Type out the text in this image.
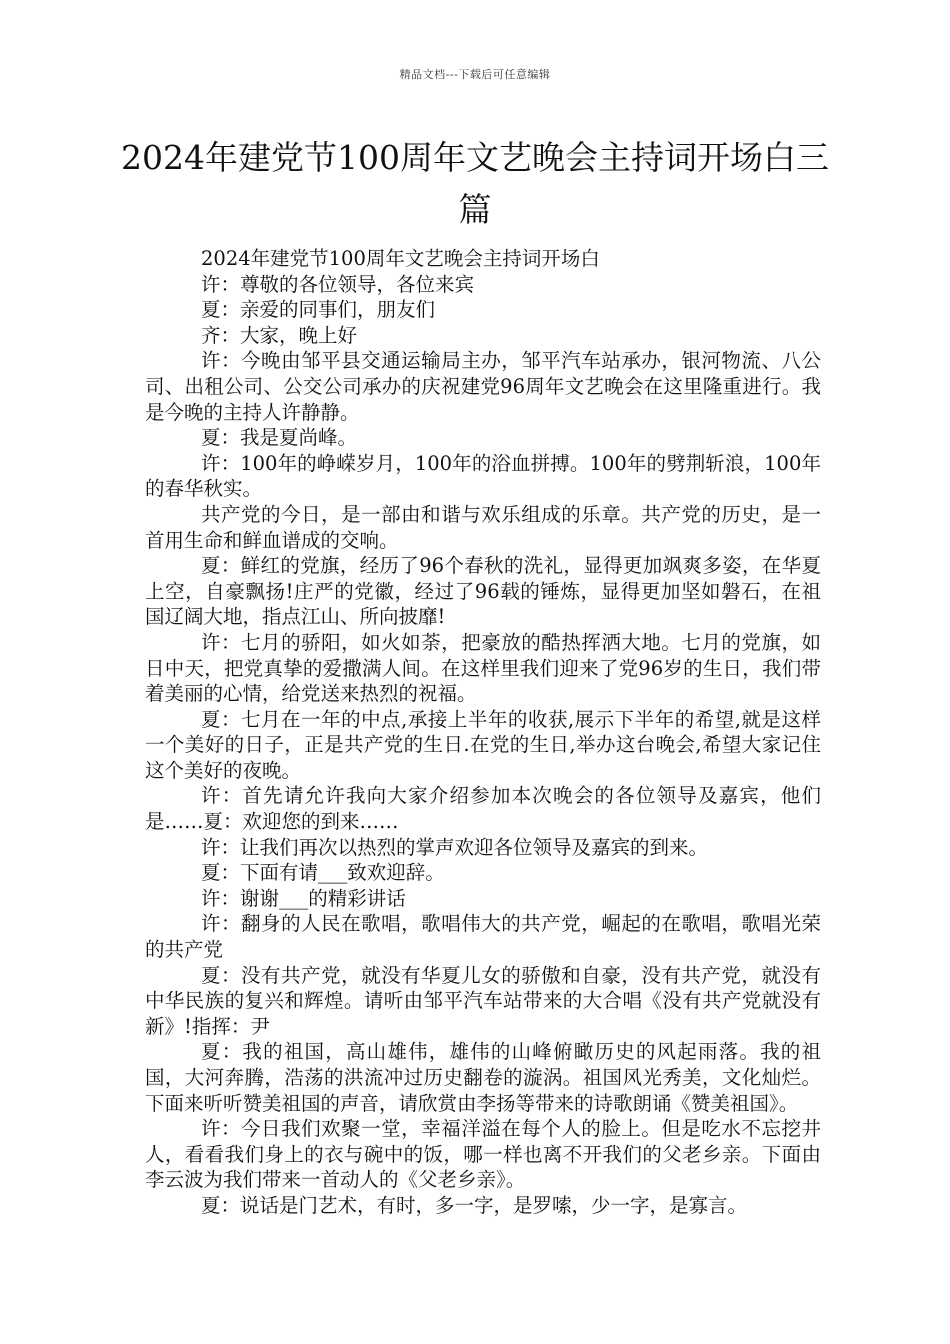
精品文档---下载后可任意编辑
2024年建党节100周年文艺晚会主持词开场白三篇

2024年建党节100周年文艺晚会主持词开场白

许：尊敬的各位领导，各位来宾

夏：亲爱的同事们，朋友们

齐：大家，晚上好

许：今晚由邹平县交通运输局主办，邹平汽车站承办，银河物流、八公司、出租公司、公交公司承办的庆祝建党96周年文艺晚会在这里隆重进行。我是今晚的主持人许静静。

夏：我是夏尚峰。

许：100年的峥嵘岁月，100年的浴血拼搏。100年的劈荆斩浪，100年的春华秋实。

共产党的今日，是一部由和谐与欢乐组成的乐章。共产党的历史，是一首用生命和鲜血谱成的交响。

夏：鲜红的党旗，经历了96个春秋的洗礼，显得更加飒爽多姿，在华夏上空，自豪飘扬!庄严的党徽，经过了96载的锤炼，显得更加坚如磐石，在祖国辽阔大地，指点江山、所向披靡!

许：七月的骄阳，如火如荼，把豪放的酷热挥洒大地。七月的党旗，如日中天，把党真挚的爱撒满人间。在这样里我们迎来了党96岁的生日，我们带着美丽的心情，给党送来热烈的祝福。

夏：七月在一年的中点,承接上半年的收获,展示下半年的希望,就是这样一个美好的日子，正是共产党的生日.在党的生日,举办这台晚会,希望大家记住这个美好的夜晚。

许：首先请允许我向大家介绍参加本次晚会的各位领导及嘉宾，他们是……夏：欢迎您的到来……

许：让我们再次以热烈的掌声欢迎各位领导及嘉宾的到来。

夏：下面有请___致欢迎辞。

许：谢谢___的精彩讲话

许：翻身的人民在歌唱，歌唱伟大的共产党，崛起的在歌唱，歌唱光荣的共产党

夏：没有共产党，就没有华夏儿女的骄傲和自豪，没有共产党，就没有中华民族的复兴和辉煌。请听由邹平汽车站带来的大合唱《没有共产党就没有新》!指挥：尹

夏：我的祖国，高山雄伟，雄伟的山峰俯瞰历史的风起雨落。我的祖国，大河奔腾，浩荡的洪流冲过历史翻卷的漩涡。祖国风光秀美，文化灿烂。下面来听听赞美祖国的声音，请欣赏由李扬等带来的诗歌朗诵《赞美祖国》。

许：今日我们欢聚一堂，幸福洋溢在每个人的脸上。但是吃水不忘挖井人，看看我们身上的衣与碗中的饭，哪一样也离不开我们的父老乡亲。下面由李云波为我们带来一首动人的《父老乡亲》。

夏：说话是门艺术，有时，多一字，是罗嗦，少一字，是寡言。
